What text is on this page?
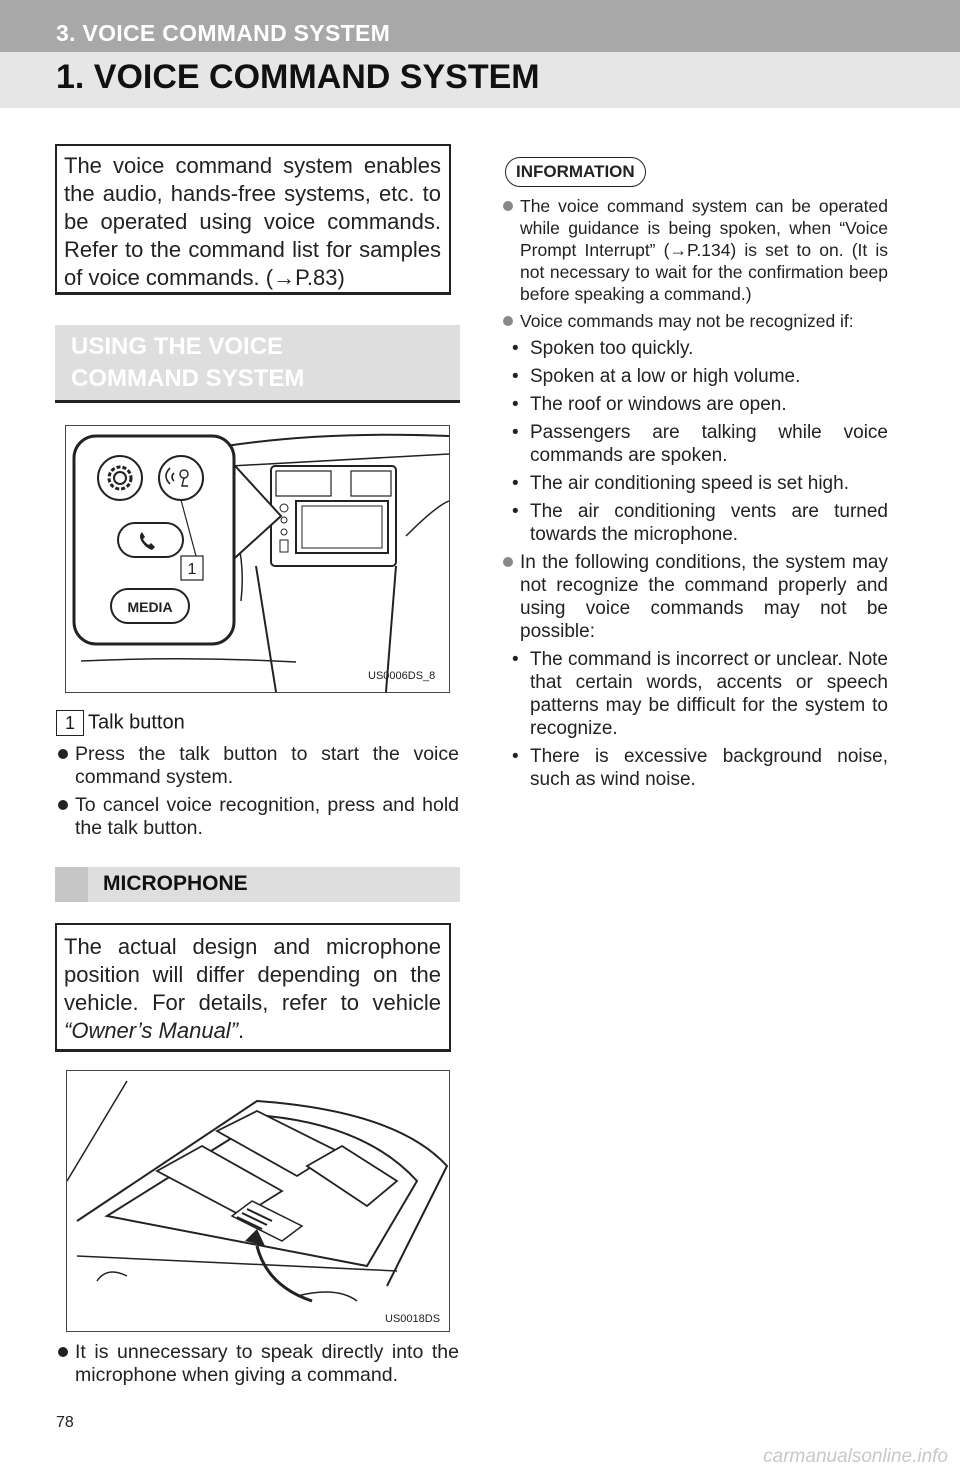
3. VOICE COMMAND SYSTEM
1. VOICE COMMAND SYSTEM
The voice command system enables the audio, hands-free systems, etc. to be operated using voice commands. Refer to the command list for samples of voice commands. (→P.83)
USING THE VOICE
COMMAND SYSTEM
MEDIA
1
US0006DS_8
1 Talk button
Press the talk button to start the voice command system.
To cancel voice recognition, press and hold the talk button.
MICROPHONE
The actual design and microphone position will differ depending on the vehicle. For details, refer to vehicle “Owner’s Manual”.
US0018DS
It is unnecessary to speak directly into the microphone when giving a command.
INFORMATION
The voice command system can be operated while guidance is being spoken, when “Voice Prompt Interrupt” (→P.134) is set to on. (It is not necessary to wait for the confirmation beep before speaking a command.)
Voice commands may not be recognized if:
• Spoken too quickly.
• Spoken at a low or high volume.
• The roof or windows are open.
• Passengers are talking while voice commands are spoken.
• The air conditioning speed is set high.
• The air conditioning vents are turned towards the microphone.
In the following conditions, the system may not recognize the command properly and using voice commands may not be possible:
• The command is incorrect or unclear. Note that certain words, accents or speech patterns may be difficult for the system to recognize.
• There is excessive background noise, such as wind noise.
78
carmanualsonline.info
